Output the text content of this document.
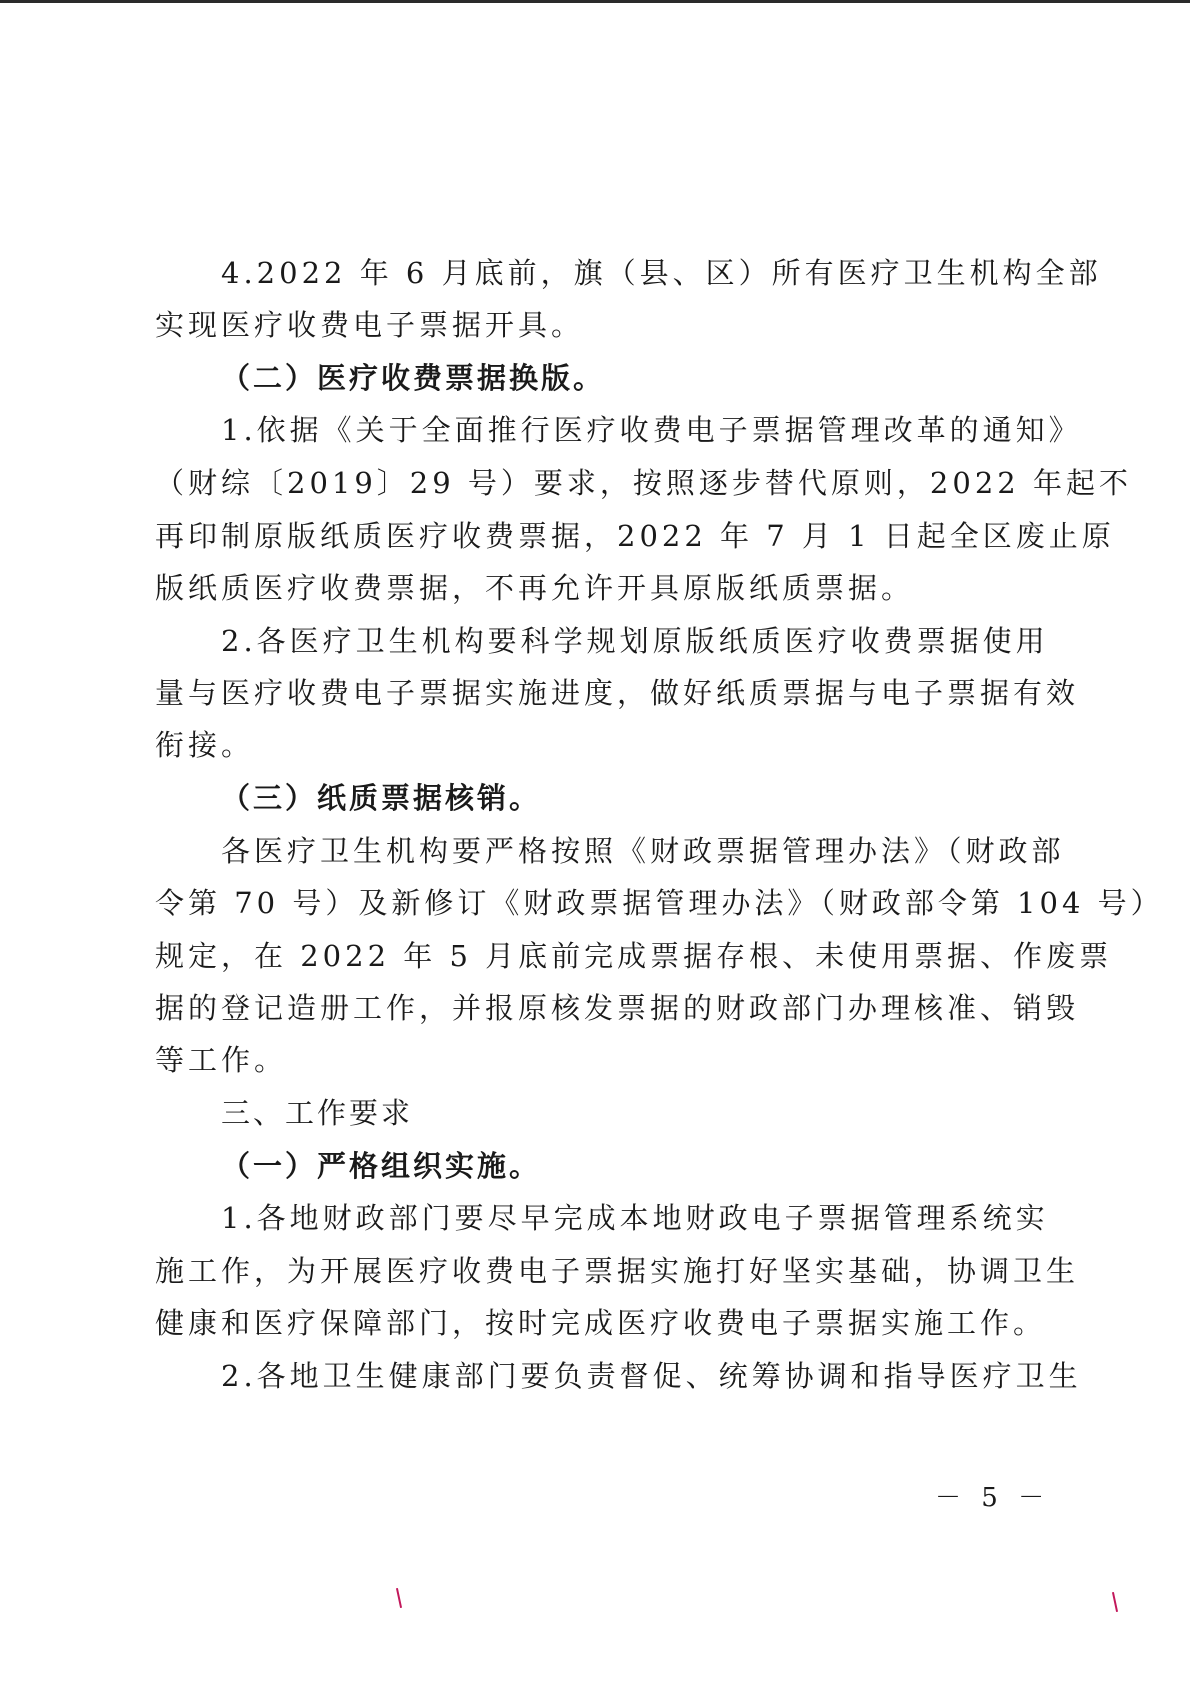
4.2022 年 6 月底前，旗（县、区）所有医疗卫生机构全部
实现医疗收费电子票据开具。
（二）医疗收费票据换版。
1.依据《关于全面推行医疗收费电子票据管理改革的通知》
（财综〔2019〕29 号）要求，按照逐步替代原则，2022 年起不
再印制原版纸质医疗收费票据，2022 年 7 月 1 日起全区废止原
版纸质医疗收费票据，不再允许开具原版纸质票据。
2.各医疗卫生机构要科学规划原版纸质医疗收费票据使用
量与医疗收费电子票据实施进度，做好纸质票据与电子票据有效
衔接。
（三）纸质票据核销。
各医疗卫生机构要严格按照《财政票据管理办法》（财政部
令第 70 号）及新修订《财政票据管理办法》（财政部令第 104 号）
规定，在 2022 年 5 月底前完成票据存根、未使用票据、作废票
据的登记造册工作，并报原核发票据的财政部门办理核准、销毁
等工作。
三、工作要求
（一）严格组织实施。
1.各地财政部门要尽早完成本地财政电子票据管理系统实
施工作，为开展医疗收费电子票据实施打好坚实基础，协调卫生
健康和医疗保障部门，按时完成医疗收费电子票据实施工作。
2.各地卫生健康部门要负责督促、统筹协调和指导医疗卫生
－ 5 －
